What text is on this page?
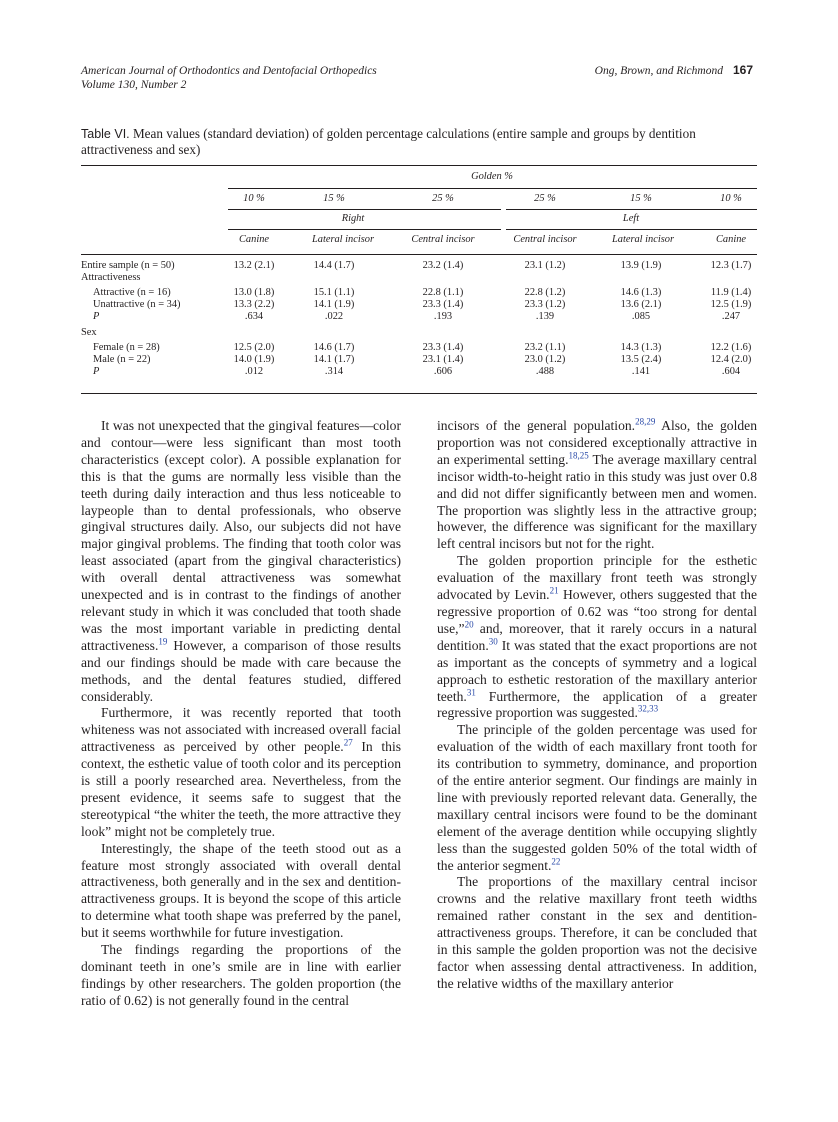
American Journal of Orthodontics and Dentofacial Orthopedics
Volume 130, Number 2
Ong, Brown, and Richmond 167
Table VI. Mean values (standard deviation) of golden percentage calculations (entire sample and groups by dentition attractiveness and sex)
Golden %
10 %	15 %	25 %	25 %	15 %	10 %
Right	Left
Canine	Lateral incisor	Central incisor	Central incisor	Lateral incisor	Canine
Entire sample (n = 50)	13.2 (2.1)	14.4 (1.7)	23.2 (1.4)	23.1 (1.2)	13.9 (1.9)	12.3 (1.7)
Attractiveness
Attractive (n = 16)	13.0 (1.8)	15.1 (1.1)	22.8 (1.1)	22.8 (1.2)	14.6 (1.3)	11.9 (1.4)
Unattractive (n = 34)	13.3 (2.2)	14.1 (1.9)	23.3 (1.4)	23.3 (1.2)	13.6 (2.1)	12.5 (1.9)
P	.634	.022	.193	.139	.085	.247
Sex
Female (n = 28)	12.5 (2.0)	14.6 (1.7)	23.3 (1.4)	23.2 (1.1)	14.3 (1.3)	12.2 (1.6)
Male (n = 22)	14.0 (1.9)	14.1 (1.7)	23.1 (1.4)	23.0 (1.2)	13.5 (2.4)	12.4 (2.0)
P	.012	.314	.606	.488	.141	.604

It was not unexpected that the gingival features—color and contour—were less significant than most tooth characteristics (except color). A possible explanation for this is that the gums are normally less visible than the teeth during daily interaction and thus less noticeable to laypeople than to dental professionals, who observe gingival structures daily. Also, our subjects did not have major gingival problems. The finding that tooth color was least associated (apart from the gingival characteristics) with overall dental attractiveness was somewhat unexpected and is in contrast to the findings of another relevant study in which it was concluded that tooth shade was the most important variable in predicting dental attractiveness.$^{19}$ However, a comparison of those results and our findings should be made with care because the methods, and the dental features studied, differed considerably.

Furthermore, it was recently reported that tooth whiteness was not associated with increased overall facial attractiveness as perceived by other people.$^{27}$ In this context, the esthetic value of tooth color and its perception is still a poorly researched area. Nevertheless, from the present evidence, it seems safe to suggest that the stereotypical “the whiter the teeth, the more attractive they look” might not be completely true.

Interestingly, the shape of the teeth stood out as a feature most strongly associated with overall dental attractiveness, both generally and in the sex and dentition-attractiveness groups. It is beyond the scope of this article to determine what tooth shape was preferred by the panel, but it seems worthwhile for future investigation.

The findings regarding the proportions of the dominant teeth in one’s smile are in line with earlier findings by other researchers. The golden proportion (the ratio of 0.62) is not generally found in the central

incisors of the general population.$^{28,29}$ Also, the golden proportion was not considered exceptionally attractive in an experimental setting.$^{18,25}$ The average maxillary central incisor width-to-height ratio in this study was just over 0.8 and did not differ significantly between men and women. The proportion was slightly less in the attractive group; however, the difference was significant for the maxillary left central incisors but not for the right.

The golden proportion principle for the esthetic evaluation of the maxillary front teeth was strongly advocated by Levin.$^{21}$ However, others suggested that the regressive proportion of 0.62 was “too strong for dental use,”$^{20}$ and, moreover, that it rarely occurs in a natural dentition.$^{30}$ It was stated that the exact proportions are not as important as the concepts of symmetry and a logical approach to esthetic restoration of the maxillary anterior teeth.$^{31}$ Furthermore, the application of a greater regressive proportion was suggested.$^{32,33}$

The principle of the golden percentage was used for evaluation of the width of each maxillary front tooth for its contribution to symmetry, dominance, and proportion of the entire anterior segment. Our findings are mainly in line with previously reported relevant data. Generally, the maxillary central incisors were found to be the dominant element of the average dentition while occupying slightly less than the suggested golden 50% of the total width of the anterior segment.$^{22}$

The proportions of the maxillary central incisor crowns and the relative maxillary front teeth widths remained rather constant in the sex and dentition-attractiveness groups. Therefore, it can be concluded that in this sample the golden proportion was not the decisive factor when assessing dental attractiveness. In addition, the relative widths of the maxillary anterior
